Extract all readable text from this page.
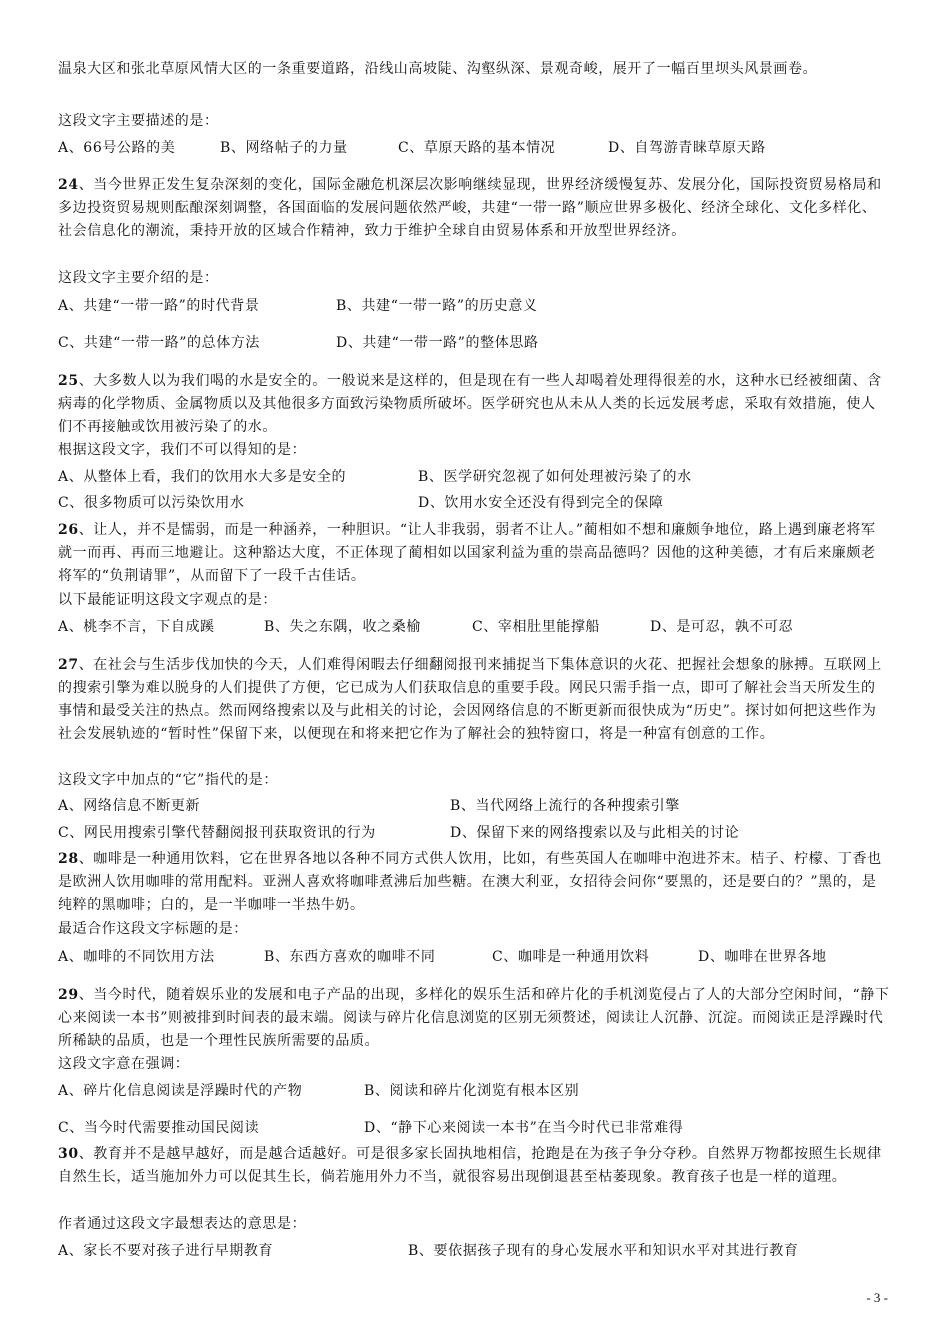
温泉大区和张北草原风情大区的一条重要道路，沿线山高坡陡、沟壑纵深、景观奇峻，展开了一幅百里坝头风景画卷。

这段文字主要描述的是：

A、66号公路的美	B、网络帖子的力量	C、草原天路的基本情况	D、自驾游青睐草原天路

24、当今世界正发生复杂深刻的变化，国际金融危机深层次影响继续显现，世界经济缓慢复苏、发展分化，国际投资贸易格局和多边投资贸易规则酝酿深刻调整，各国面临的发展问题依然严峻，共建“一带一路”顺应世界多极化、经济全球化、文化多样化、社会信息化的潮流，秉持开放的区域合作精神，致力于维护全球自由贸易体系和开放型世界经济。

这段文字主要介绍的是：

A、共建“一带一路”的时代背景	B、共建“一带一路”的历史意义
C、共建“一带一路”的总体方法	D、共建“一带一路”的整体思路

25、大多数人以为我们喝的水是安全的。一般说来是这样的，但是现在有一些人却喝着处理得很差的水，这种水已经被细菌、含病毒的化学物质、金属物质以及其他很多方面致污染物质所破坏。医学研究也从未从人类的长远发展考虑，采取有效措施，使人们不再接触或饮用被污染了的水。

根据这段文字，我们不可以得知的是：

A、从整体上看，我们的饮用水大多是安全的	B、医学研究忽视了如何处理被污染了的水
C、很多物质可以污染饮用水	D、饮用水安全还没有得到完全的保障

26、让人，并不是懦弱，而是一种涵养，一种胆识。“让人非我弱，弱者不让人。”蔺相如不想和廉颇争地位，路上遇到廉老将军就一而再、再而三地避让。这种豁达大度，不正体现了蔺相如以国家利益为重的崇高品德吗？因他的这种美德，才有后来廉颇老将军的“负荆请罪”，从而留下了一段千古佳话。

以下最能证明这段文字观点的是：

A、桃李不言，下自成蹊	B、失之东隅，收之桑榆	C、宰相肚里能撑船	D、是可忍，孰不可忍

27、在社会与生活步伐加快的今天，人们难得闲暇去仔细翻阅报刊来捕捉当下集体意识的火花、把握社会想象的脉搏。互联网上的搜索引擎为难以脱身的人们提供了方便，它已成为人们获取信息的重要手段。网民只需手指一点，即可了解社会当天所发生的事情和最受关注的热点。然而网络搜索以及与此相关的讨论，会因网络信息的不断更新而很快成为“历史”。探讨如何把这些作为社会发展轨迹的“暂时性”保留下来，以便现在和将来把它作为了解社会的独特窗口，将是一种富有创意的工作。

这段文字中加点的“它”指代的是：

A、网络信息不断更新	B、当代网络上流行的各种搜索引擎
C、网民用搜索引擎代替翻阅报刊获取资讯的行为	D、保留下来的网络搜索以及与此相关的讨论

28、咖啡是一种通用饮料，它在世界各地以各种不同方式供人饮用，比如，有些英国人在咖啡中泡进芥末。桔子、柠檬、丁香也是欧洲人饮用咖啡的常用配料。亚洲人喜欢将咖啡煮沸后加些糖。在澳大利亚，女招待会问你“要黑的，还是要白的？”黑的，是纯粹的黑咖啡；白的，是一半咖啡一半热牛奶。

最适合作这段文字标题的是：

A、咖啡的不同饮用方法	B、东西方喜欢的咖啡不同	C、咖啡是一种通用饮料	D、咖啡在世界各地

29、当今时代，随着娱乐业的发展和电子产品的出现，多样化的娱乐生活和碎片化的手机浏览侵占了人的大部分空闲时间，“静下心来阅读一本书”则被排到时间表的最末端。阅读与碎片化信息浏览的区别无须赘述，阅读让人沉静、沉淀。而阅读正是浮躁时代所稀缺的品质，也是一个理性民族所需要的品质。

这段文字意在强调：

A、碎片化信息阅读是浮躁时代的产物	B、阅读和碎片化浏览有根本区别
C、当今时代需要推动国民阅读	D、“静下心来阅读一本书”在当今时代已非常难得

30、教育并不是越早越好，而是越合适越好。可是很多家长固执地相信，抢跑是在为孩子争分夺秒。自然界万物都按照生长规律自然生长，适当施加外力可以促其生长，倘若施用外力不当，就很容易出现倒退甚至枯萎现象。教育孩子也是一样的道理。

作者通过这段文字最想表达的意思是：

A、家长不要对孩子进行早期教育	B、要依据孩子现有的身心发展水平和知识水平对其进行教育
- 3 -
